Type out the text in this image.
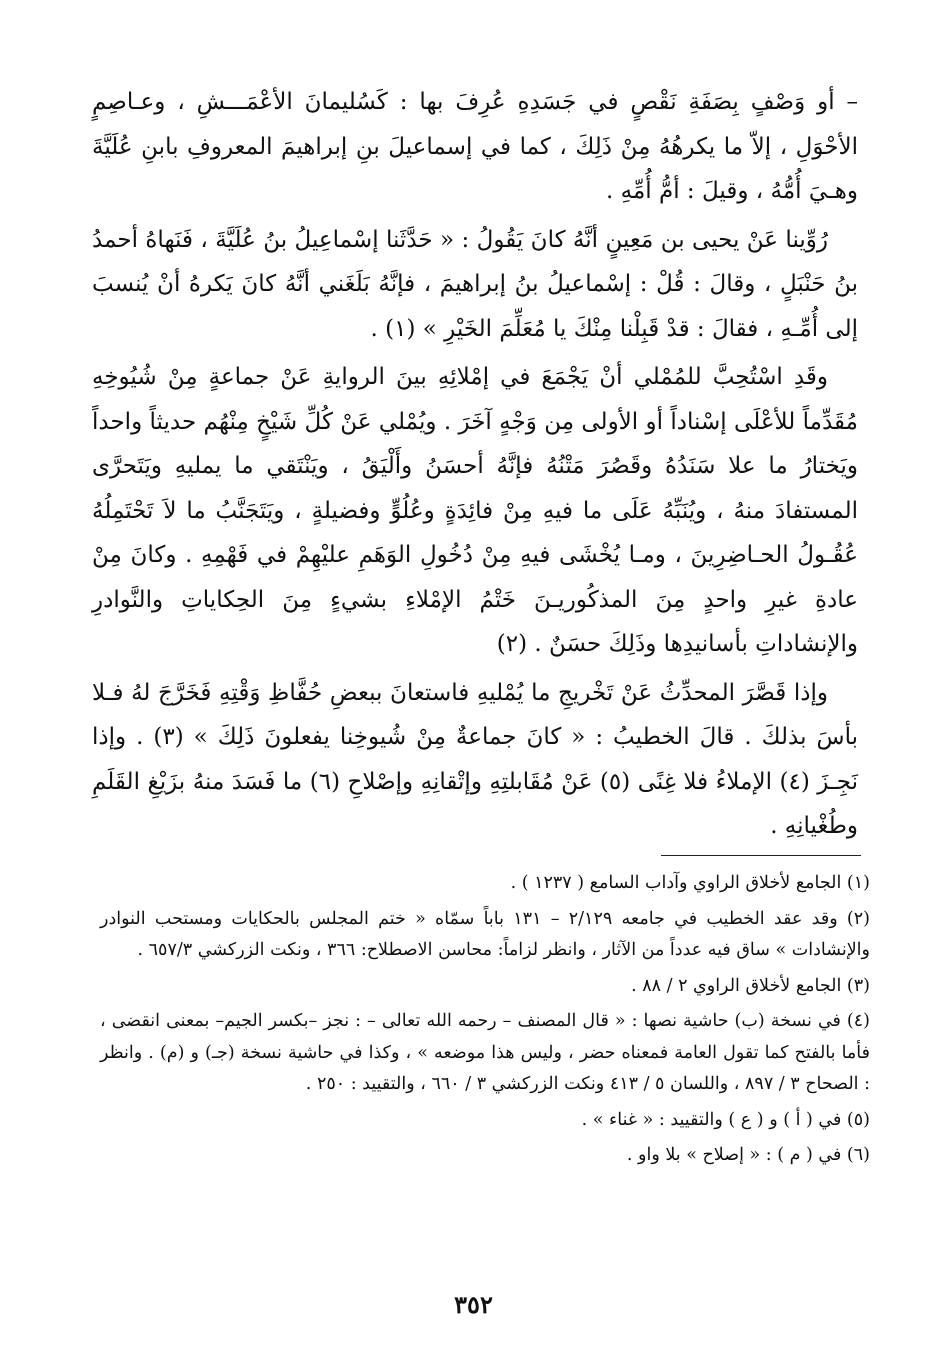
– أو وَصْفٍ بِصَفَةِ نَقْصٍ في جَسَدِهِ عُرِفَ بها : كَسُليمانَ الأعْمَـــشِ ، وعـاصِمٍ الأحْوَلِ ، إلاّ ما يكرهُهُ مِنْ ذَلِكَ ، كما في إسماعيلَ بنِ إبراهيمَ المعروفِ بابنِ عُلَيَّةَ وهـيَ أُمُّهُ ، وقيلَ : أمُّ أُمِّهِ .

رُوِّينا عَنْ يحيى بن مَعِينٍ أنَّهُ كانَ يَقُولُ : « حَدَّثَنا إسْماعِيلُ بنُ عُلَيَّةَ ، فَنَهاهُ أحمدُ بنُ حَنْبَلٍ ، وقالَ : قُلْ : إسْماعيلُ بنُ إبراهيمَ ، فإنَّهُ بَلَغَني أنَّهُ كانَ يَكرهُ أنْ يُنسبَ إلى أُمِّـهِ ، فقالَ : قدْ قَبِلْنا مِنْكَ يا مُعَلِّمَ الخَيْرِ » (١) .

وقَدِ اسْتُحِبَّ للمُمْلي أنْ يَجْمَعَ في إمْلائِهِ بينَ الروايةِ عَنْ جماعةٍ مِنْ شُيُوخِهِ مُقَدِّماً للأعْلَى إسْناداً أو الأولى مِن وَجْهٍ آخَرَ . ويُمْلي عَنْ كُلِّ شَيْخٍ مِنْهُم حديثاً واحداً ويَختارُ ما علا سَنَدُهُ وقَصُرَ مَتْنُهُ فإنَّهُ أحسَنُ وأَلْيَقُ ، ويَنْتَقي ما يمليهِ ويَتَحرَّى المستفادَ منهُ ، ويُنَبِّهُ عَلَى ما فيهِ مِنْ فائِدَةٍ وعُلُوٍّ وفضيلةٍ ، ويَتَجَنَّبُ ما لاَ تَحْتَمِلُهُ عُقُـولُ الحـاضِرِينَ ، ومـا يُخْشَى فيهِ مِنْ دُخُولِ الوَهَمِ عليْهِمْ في فَهْمِهِ . وكانَ مِنْ عادةِ غيرِ واحدٍ مِنَ المذكُوريـنَ خَتْمُ الإمْلاءِ بشيءٍ مِنَ الحِكاياتِ والنَّوادرِ والإنشاداتِ بأسانيدِها وذَلِكَ حسَنٌ . (٢)

وإذا قَصَّرَ المحدِّثُ عَنْ تَخْريجِ ما يُمْليهِ فاستعانَ ببعضِ حُفَّاظِ وَقْتِهِ فَخَرَّجَ لهُ فـلا بأسَ بذلكَ . قالَ الخطيبُ : « كانَ جماعةٌ مِنْ شُيوخِنا يفعلونَ ذَلِكَ » (٣) . وإذا نَجِـزَ (٤) الإملاءُ فلا غِنًى (٥) عَنْ مُقَابلتِهِ وإتْقانِهِ وإصْلاحِ (٦) ما فَسَدَ منهُ بزَيْغِ القَلَمِ وطُغْيانِهِ .

(١) الجامع لأخلاق الراوي وآداب السامع ( ١٢٣٧ ) .

(٢) وقد عقد الخطيب في جامعه ٢/١٢٩ – ١٣١ باباً سمّاه « ختم المجلس بالحكايات ومستحب النوادر والإنشادات » ساق فيه عدداً من الآثار ، وانظر لزاماً: محاسن الاصطلاح: ٣٦٦ ، ونكت الزركشي ٦٥٧/٣ .

(٣) الجامع لأخلاق الراوي ٢ / ٨٨ .

(٤) في نسخة (ب) حاشية نصها : « قال المصنف – رحمه الله تعالى – : نجز –بكسر الجيم– بمعنى انقضى ، فأما بالفتح كما تقول العامة فمعناه حضر ، وليس هذا موضعه » ، وكذا في حاشية نسخة (جـ) و (م) . وانظر : الصحاح ٣ / ٨٩٧ ، واللسان ٥ / ٤١٣ ونكت الزركشي ٣ / ٦٦٠ ، والتقييد : ٢٥٠ .

(٥) في ( أ ) و ( ع ) والتقييد : « غناء » .

(٦) في ( م ) : « إصلاح » بلا واو .

٣٥٢
